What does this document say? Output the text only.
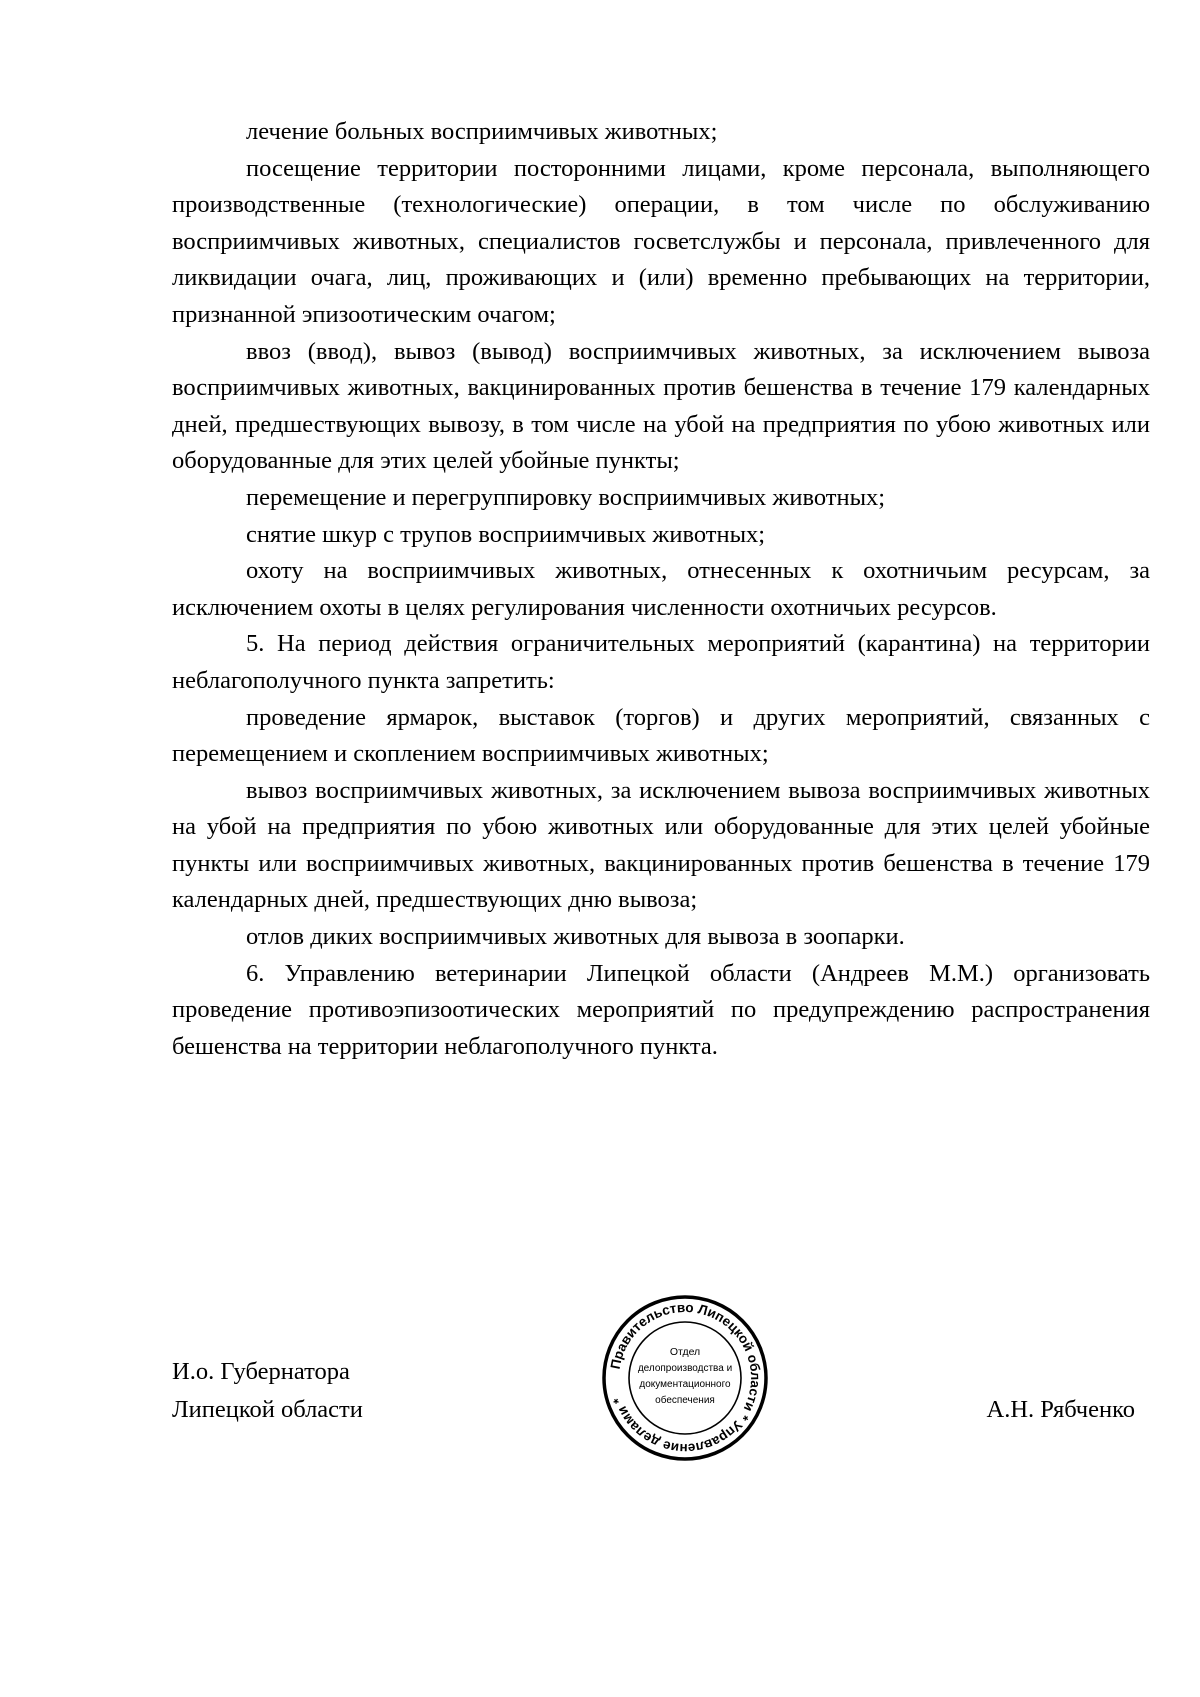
лечение больных восприимчивых животных;

посещение территории посторонними лицами, кроме персонала, выполняющего производственные (технологические) операции, в том числе по обслуживанию восприимчивых животных, специалистов госветслужбы и персонала, привлеченного для ликвидации очага, лиц, проживающих и (или) временно пребывающих на территории, признанной эпизоотическим очагом;

ввоз (ввод), вывоз (вывод) восприимчивых животных, за исключением вывоза восприимчивых животных, вакцинированных против бешенства в течение 179 календарных дней, предшествующих вывозу, в том числе на убой на предприятия по убою животных или оборудованные для этих целей убойные пункты;

перемещение и перегруппировку восприимчивых животных;

снятие шкур с трупов восприимчивых животных;

охоту на восприимчивых животных, отнесенных к охотничьим ресурсам, за исключением охоты в целях регулирования численности охотничьих ресурсов.

5. На период действия ограничительных мероприятий (карантина) на территории неблагополучного пункта запретить:

проведение ярмарок, выставок (торгов) и других мероприятий, связанных с перемещением и скоплением восприимчивых животных;

вывоз восприимчивых животных, за исключением вывоза восприимчивых животных на убой на предприятия по убою животных или оборудованные для этих целей убойные пункты или восприимчивых животных, вакцинированных против бешенства в течение 179 календарных дней, предшествующих дню вывоза;

отлов диких восприимчивых животных для вывоза в зоопарки.

6. Управлению ветеринарии Липецкой области (Андреев М.М.) организовать проведение противоэпизоотических мероприятий по предупреждению распространения бешенства на территории неблагополучного пункта.

И.о. Губернатора
Липецкой области
Правительство Липецкой области * Управление делами *
Отдел
делопроизводства и
документационного
обеспечения	А.Н. Рябченко
